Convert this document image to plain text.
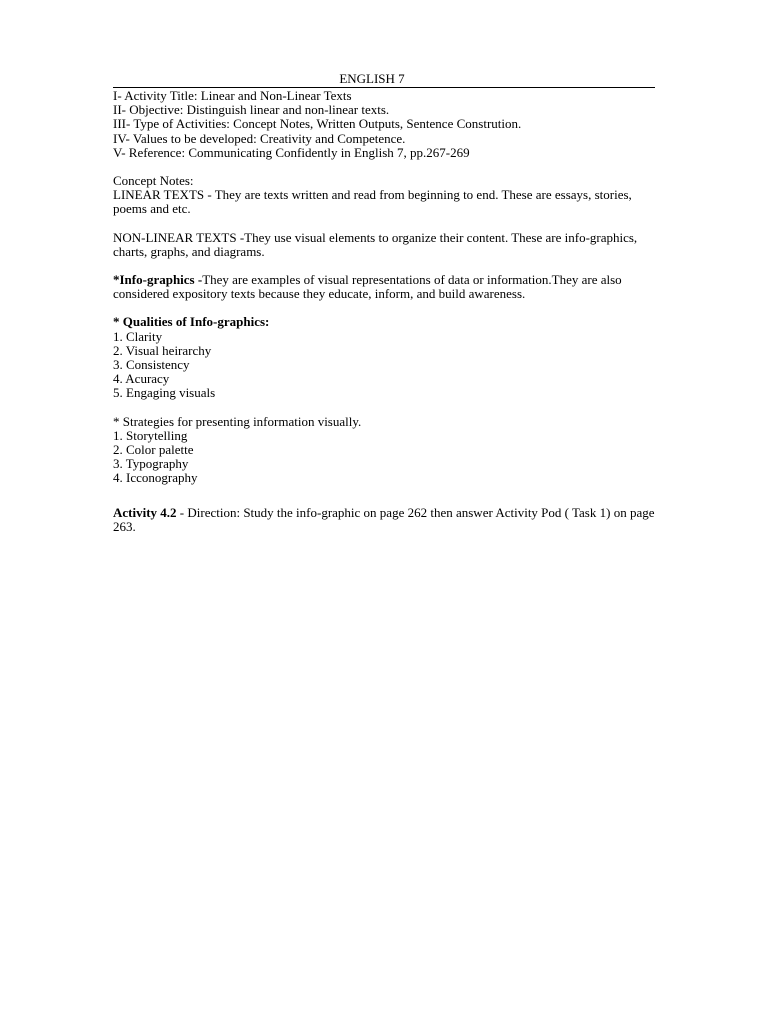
ENGLISH 7
I- Activity Title: Linear and Non-Linear Texts
II- Objective: Distinguish linear and non-linear texts.
III- Type of Activities: Concept Notes, Written Outputs, Sentence Constrution.
IV- Values to be developed: Creativity and Competence.
V- Reference: Communicating Confidently in English 7, pp.267-269
Concept Notes:
LINEAR TEXTS - They are texts written and read from beginning to end. These are essays, stories, poems and etc.
NON-LINEAR TEXTS -They use visual elements to organize their content. These are info-graphics, charts, graphs, and diagrams.
*Info-graphics -They are examples of visual representations of data or information.They are also considered expository texts because they educate, inform, and build awareness.
* Qualities of Info-graphics:
1. Clarity
2. Visual heirarchy
3. Consistency
4. Acuracy
5. Engaging visuals
* Strategies for presenting information visually.
1. Storytelling
2. Color palette
3. Typography
4. Icconography
Activity 4.2 - Direction: Study the info-graphic on page 262 then answer Activity Pod ( Task 1) on page 263.
